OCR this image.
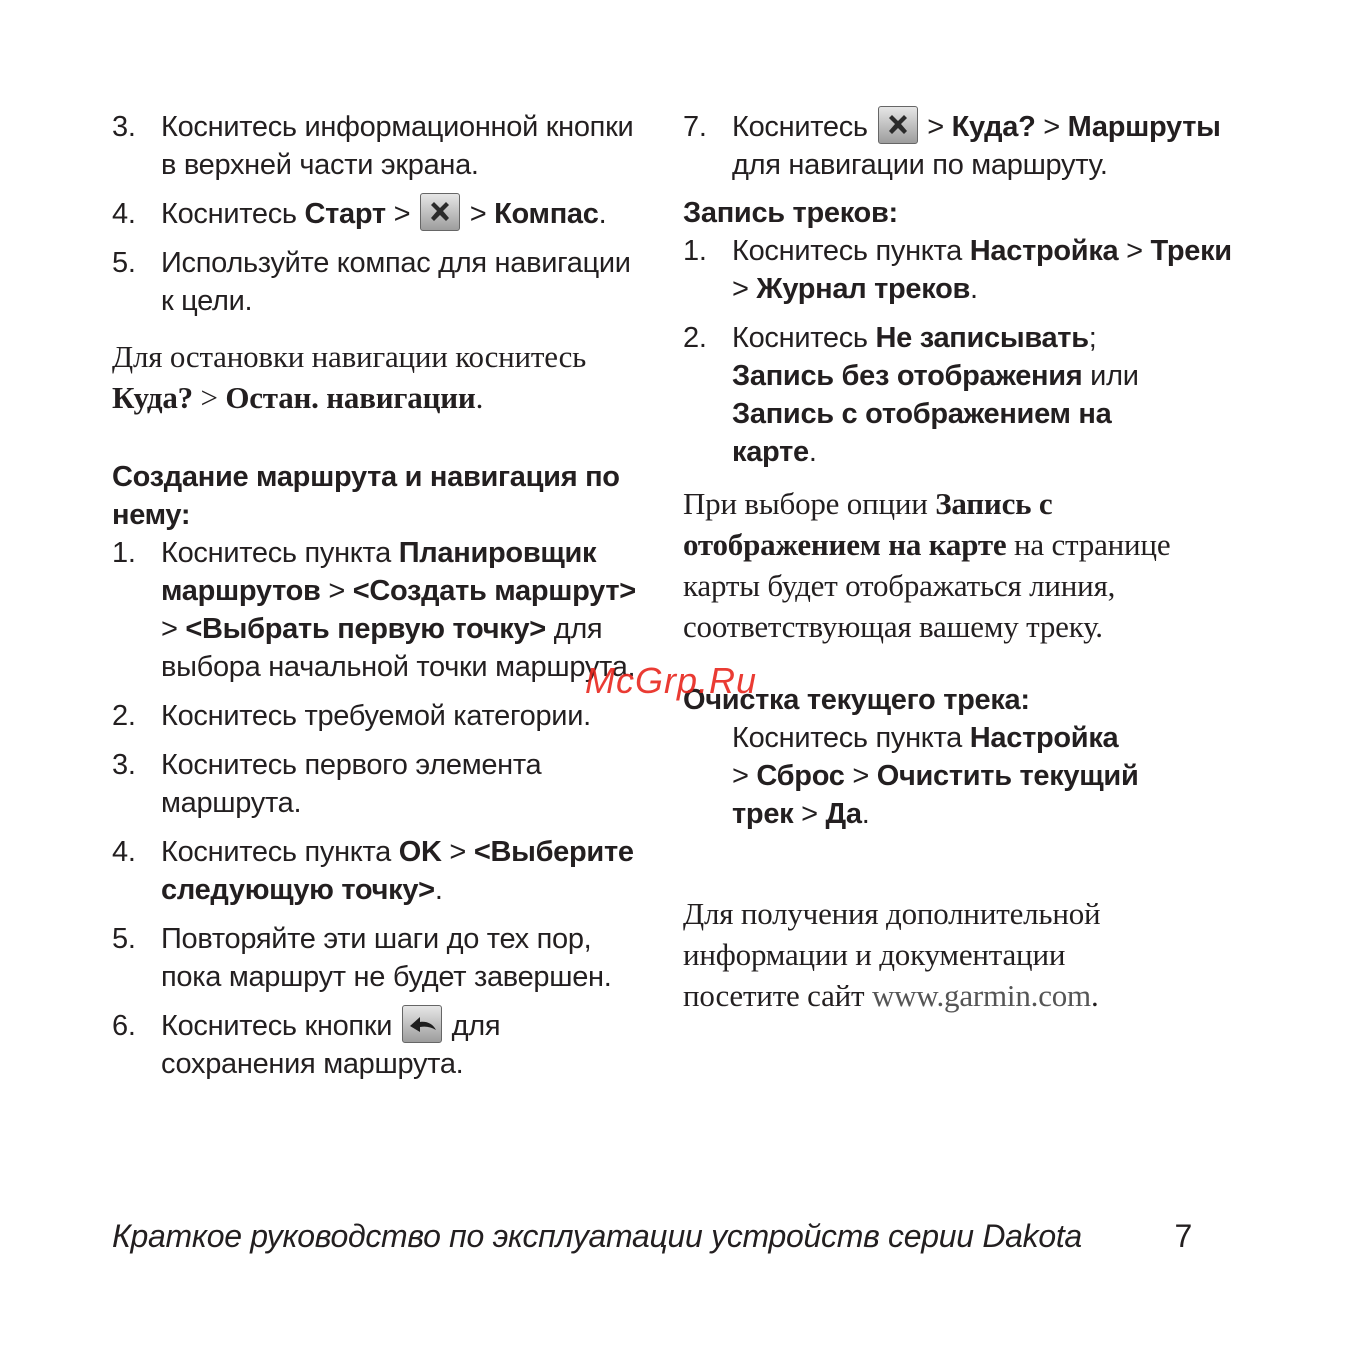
3. Коснитесь информационной кнопки в верхней части экрана.
4. Коснитесь Старт >
> Компас.
5. Используйте компас для навигации к цели.
Для остановки навигации коснитесь Куда? > Остан. навигации.
Создание маршрута и навигация по нему:
1. Коснитесь пункта Планировщик маршрутов > <Создать маршрут> > <Выбрать первую точку> для выбора начальной точки маршрута.
2. Коснитесь требуемой категории.
3. Коснитесь первого элемента маршрута.
4. Коснитесь пункта OK > <Выберите следующую точку>.
5. Повторяйте эти шаги до тех пор, пока маршрут не будет завершен.
6. Коснитесь кнопки
для сохранения маршрута.
7. Коснитесь
> Куда? > Маршруты для навигации по маршруту.
Запись треков:
1. Коснитесь пункта Настройка > Треки > Журнал треков.
2. Коснитесь Не записывать; Запись без отображения или Запись с отображением на карте.
При выборе опции Запись с отображением на карте на странице карты будет отображаться линия, соответствующая вашему треку.
Очистка текущего трека:
Коснитесь пункта Настройка > Сброс > Очистить текущий трек > Да.
Для получения дополнительной информации и документации посетите сайт www.garmin.com.
McGrp.Ru
Краткое руководство по эксплуатации устройств серии Dakota	7
